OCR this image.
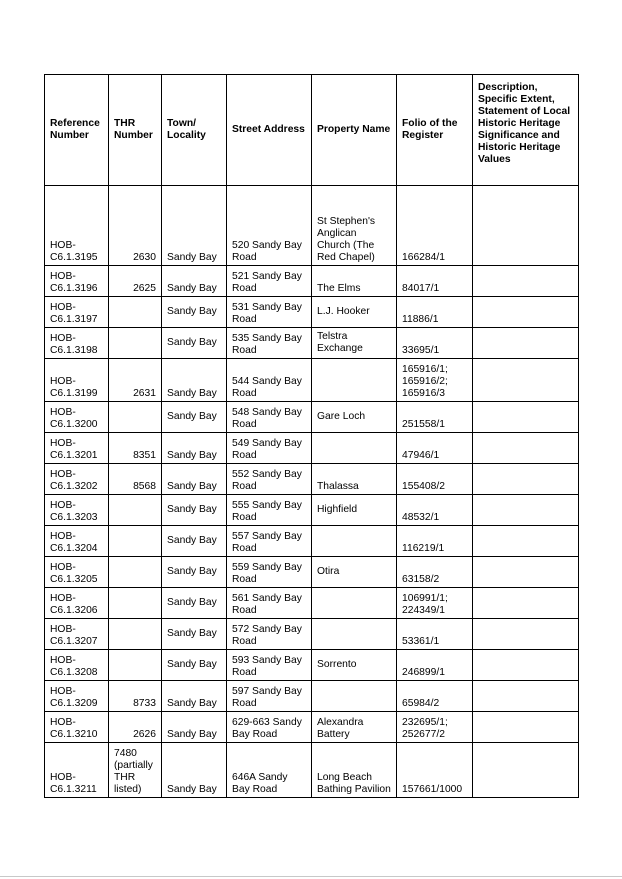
Reference Number	THR Number	Town/ Locality	Street Address	Property Name	Folio of the Register	Description, Specific Extent, Statement of Local Historic Heritage Significance and Historic Heritage Values
HOB-C6.1.3195	2630	Sandy Bay	520 Sandy Bay Road	St Stephen's Anglican Church (The Red Chapel)	166284/1	
HOB-C6.1.3196	2625	Sandy Bay	521 Sandy Bay Road	The Elms	84017/1	
HOB-C6.1.3197		Sandy Bay	531 Sandy Bay Road	L.J. Hooker	11886/1	
HOB-C6.1.3198		Sandy Bay	535 Sandy Bay Road	Telstra Exchange	33695/1	
HOB-C6.1.3199	2631	Sandy Bay	544 Sandy Bay Road		165916/1; 165916/2; 165916/3	
HOB-C6.1.3200		Sandy Bay	548 Sandy Bay Road	Gare Loch	251558/1	
HOB-C6.1.3201	8351	Sandy Bay	549 Sandy Bay Road		47946/1	
HOB-C6.1.3202	8568	Sandy Bay	552 Sandy Bay Road	Thalassa	155408/2	
HOB-C6.1.3203		Sandy Bay	555 Sandy Bay Road	Highfield	48532/1	
HOB-C6.1.3204		Sandy Bay	557 Sandy Bay Road		116219/1	
HOB-C6.1.3205		Sandy Bay	559 Sandy Bay Road	Otira	63158/2	
HOB-C6.1.3206		Sandy Bay	561 Sandy Bay Road		106991/1; 224349/1	
HOB-C6.1.3207		Sandy Bay	572 Sandy Bay Road		53361/1	
HOB-C6.1.3208		Sandy Bay	593 Sandy Bay Road	Sorrento	246899/1	
HOB-C6.1.3209	8733	Sandy Bay	597 Sandy Bay Road		65984/2	
HOB-C6.1.3210	2626	Sandy Bay	629-663 Sandy Bay Road	Alexandra Battery	232695/1; 252677/2	
HOB-C6.1.3211	7480 (partially THR listed)	Sandy Bay	646A Sandy Bay Road	Long Beach Bathing Pavilion	157661/1000	
